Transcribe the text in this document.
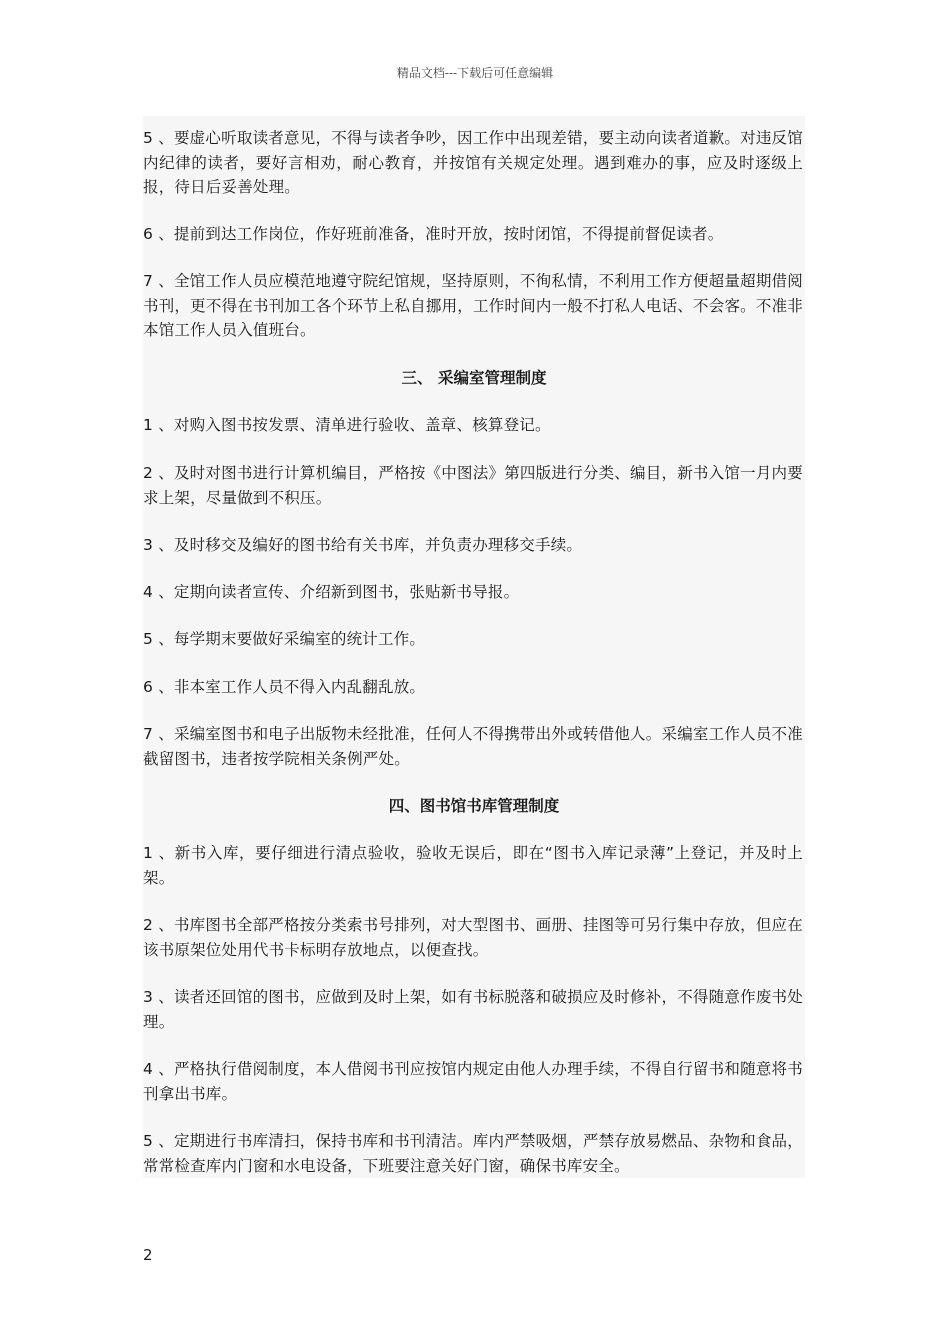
精品文档---下载后可任意编辑

5 、要虚心听取读者意见，不得与读者争吵，因工作中出现差错，要主动向读者道歉。对违反馆内纪律的读者，要好言相劝，耐心教育，并按馆有关规定处理。遇到难办的事，应及时逐级上报，待日后妥善处理。

6 、提前到达工作岗位，作好班前准备，准时开放，按时闭馆，不得提前督促读者。

7 、全馆工作人员应模范地遵守院纪馆规，坚持原则，不徇私情，不利用工作方便超量超期借阅书刊，更不得在书刊加工各个环节上私自挪用，工作时间内一般不打私人电话、不会客。不准非本馆工作人员入值班台。

三、 采编室管理制度

1 、对购入图书按发票、清单进行验收、盖章、核算登记。

2 、及时对图书进行计算机编目，严格按《中图法》第四版进行分类、编目，新书入馆一月内要求上架，尽量做到不积压。

3 、及时移交及编好的图书给有关书库，并负责办理移交手续。

4 、定期向读者宣传、介绍新到图书，张贴新书导报。

5 、每学期末要做好采编室的统计工作。

6 、非本室工作人员不得入内乱翻乱放。

7 、采编室图书和电子出版物未经批准，任何人不得携带出外或转借他人。采编室工作人员不准截留图书，违者按学院相关条例严处。

四、图书馆书库管理制度

1 、新书入库，要仔细进行清点验收，验收无误后，即在“图书入库记录薄”上登记，并及时上架。

2 、书库图书全部严格按分类索书号排列，对大型图书、画册、挂图等可另行集中存放，但应在该书原架位处用代书卡标明存放地点，以便查找。

3 、读者还回馆的图书，应做到及时上架，如有书标脱落和破损应及时修补，不得随意作废书处理。

4 、严格执行借阅制度，本人借阅书刊应按馆内规定由他人办理手续，不得自行留书和随意将书刊拿出书库。

5 、定期进行书库清扫，保持书库和书刊清洁。库内严禁吸烟，严禁存放易燃品、杂物和食品，常常检查库内门窗和水电设备，下班要注意关好门窗，确保书库安全。

2
